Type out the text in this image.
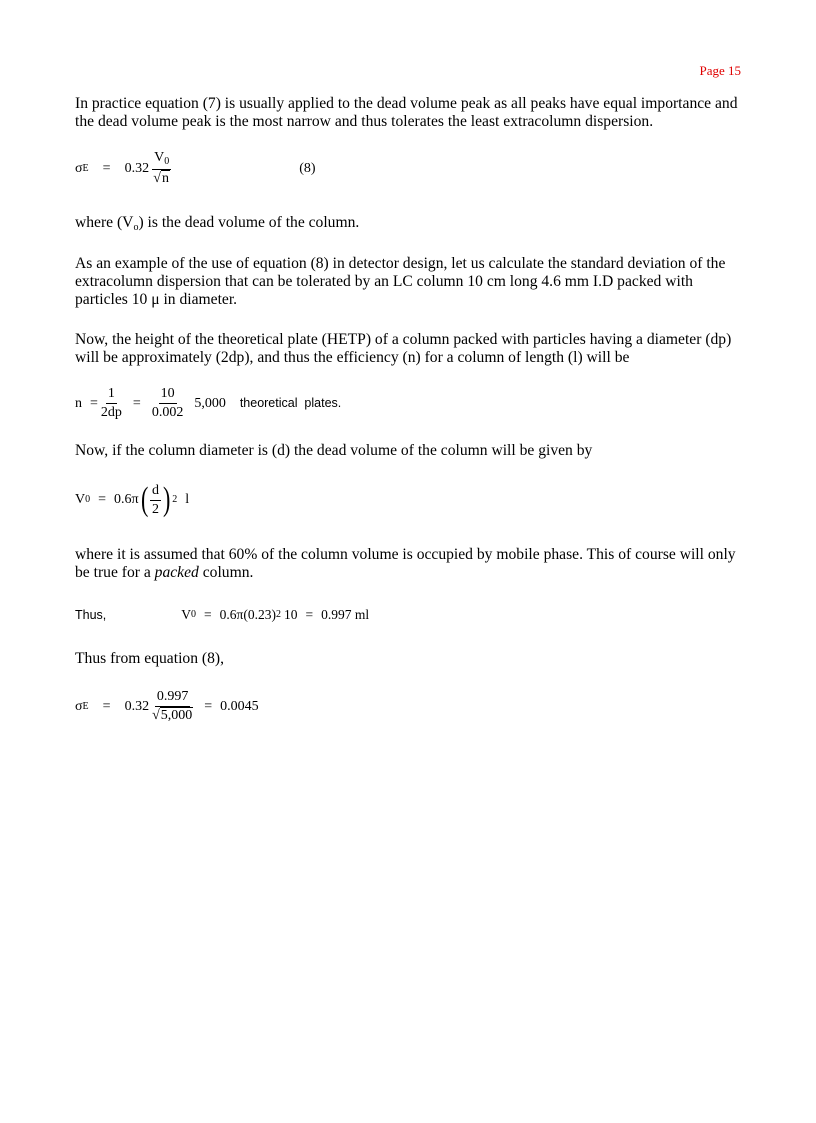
Page 15

In practice equation (7) is usually applied to the dead volume peak as all peaks have equal importance and the dead volume peak is the most narrow and thus tolerates the least extracolumn dispersion.

σ $E = 0.32 \frac{V_0}{√n}$	(8)

where $(V_o)$ is the dead volume of the column.

As an example of the use of equation (8) in detector design, let us calculate the standard deviation of the extracolumn dispersion that can be tolerated by an LC column 10 cm long 4.6 mm I.D packed with particles 10 μ in diameter.

Now, the height of the theoretical plate (HETP) of a column packed with particles having a diameter (dp) will be approximately (2dp), and thus the efficiency (n) for a column of length (l) will be

$n = \frac{1}{2dp} = \frac{10}{0.002} 5,000$ theoretical  plates.

Now, if the column diameter is (d) the dead volume of the column will be given by

V 0 = 0.6π ( $\frac{d}{2}$ ) 2 l

where it is assumed that 60% of the column volume is occupied by mobile phase. This of course will only be true for a packed column.

Thus,	V 0 = 0.6π(0.23) 2 10 = 0.997 ml

Thus from equation (8),

σ $E = 0.32 \frac{0.997}{√5,000} = 0.0045$
